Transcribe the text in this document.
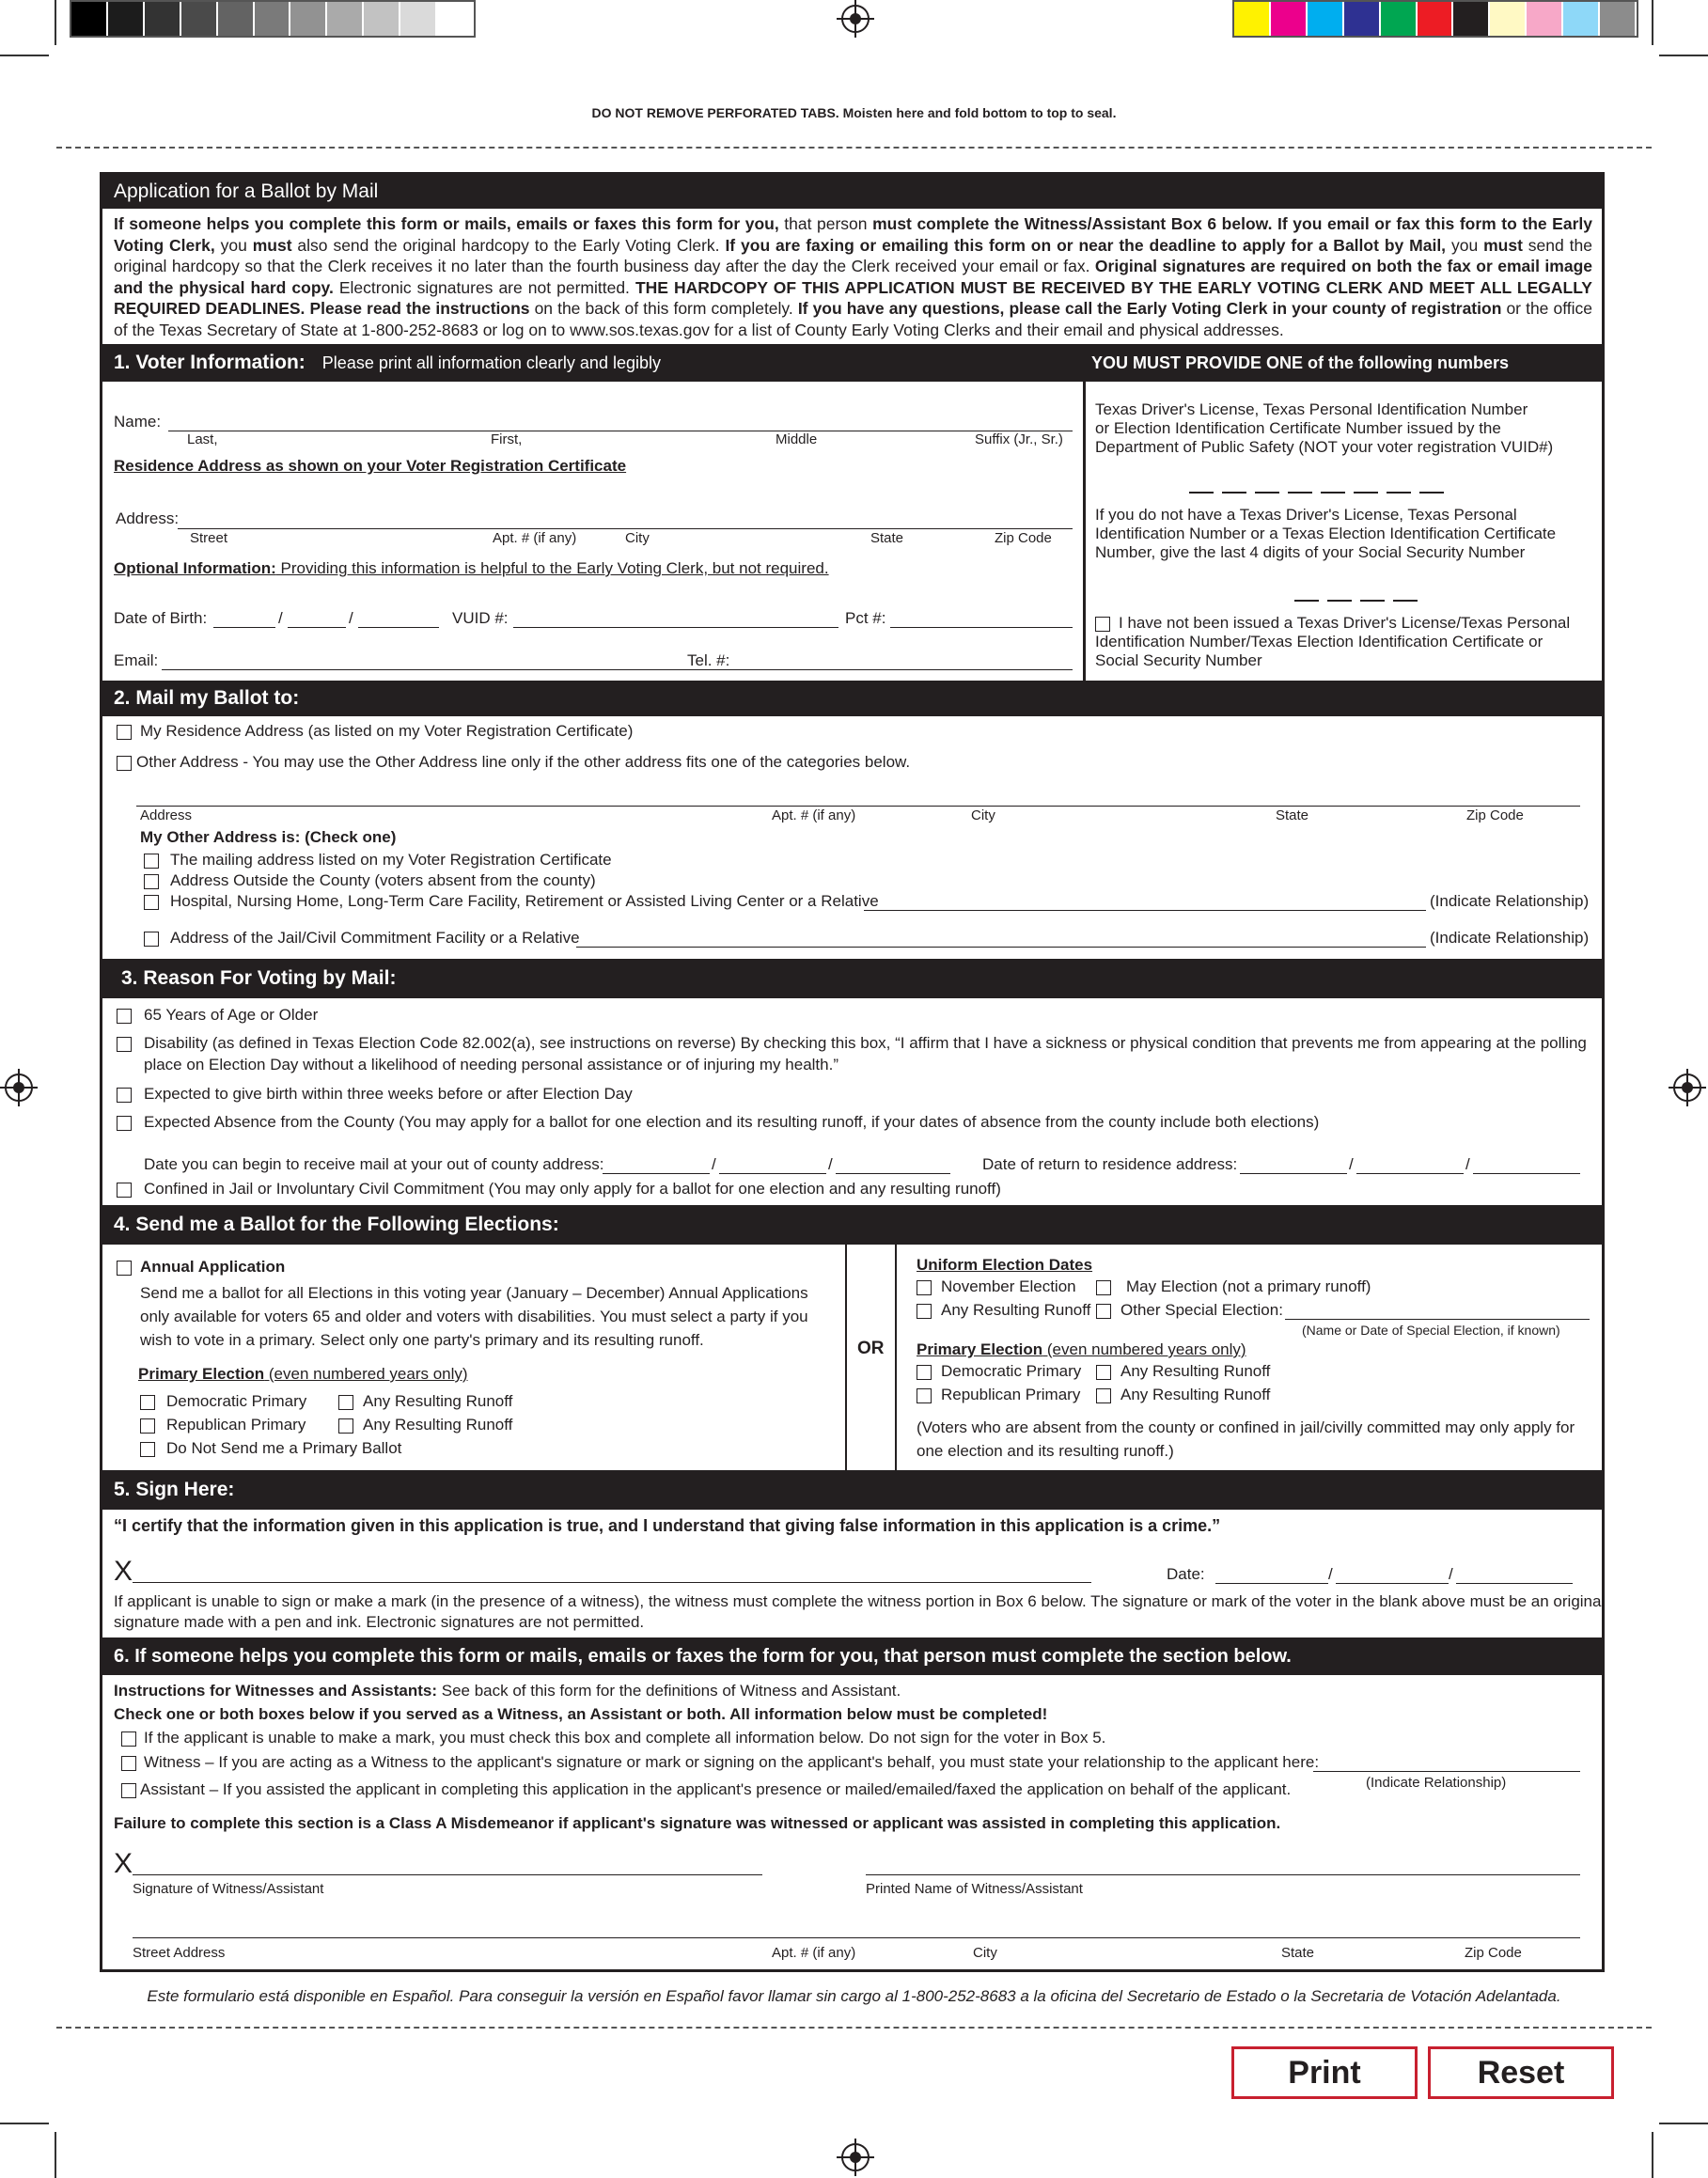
DO NOT REMOVE PERFORATED TABS. Moisten here and fold bottom to top to seal.
Application for a Ballot by Mail
If someone helps you complete this form or mails, emails or faxes this form for you, that person must complete the Witness/Assistant Box 6 below. If you email or fax this form to the Early Voting Clerk, you must also send the original hardcopy to the Early Voting Clerk. If you are faxing or emailing this form on or near the deadline to apply for a Ballot by Mail, you must send the original hardcopy so that the Clerk receives it no later than the fourth business day after the day the Clerk received your email or fax. Original signatures are required on both the fax or email image and the physical hard copy. Electronic signatures are not permitted. THE HARDCOPY OF THIS APPLICATION MUST BE RECEIVED BY THE EARLY VOTING CLERK AND MEET ALL LEGALLY REQUIRED DEADLINES. Please read the instructions on the back of this form completely. If you have any questions, please call the Early Voting Clerk in your county of registration or the office of the Texas Secretary of State at 1-800-252-8683 or log on to www.sos.texas.gov for a list of County Early Voting Clerks and their email and physical addresses.
1. Voter Information: Please print all information clearly and legibly	YOU MUST PROVIDE ONE of the following numbers
Name:
Last,	First,	Middle	Suffix (Jr., Sr.)
Residence Address as shown on your Voter Registration Certificate
Address:
Street	Apt. # (if any)	City	State	Zip Code
Optional Information: Providing this information is helpful to the Early Voting Clerk, but not required.
Date of Birth:	/	/	VUID #:	Pct #:
Email:	Tel. #:
Texas Driver's License, Texas Personal Identification Number
or Election Identification Certificate Number issued by the
Department of Public Safety (NOT your voter registration VUID#)
If you do not have a Texas Driver's License, Texas Personal
Identification Number or a Texas Election Identification Certificate
Number, give the last 4 digits of your Social Security Number
I have not been issued a Texas Driver's License/Texas Personal
Identification Number/Texas Election Identification Certificate or
Social Security Number
2. Mail my Ballot to:
My Residence Address (as listed on my Voter Registration Certificate)
Other Address - You may use the Other Address line only if the other address fits one of the categories below.
Address	Apt. # (if any)	City	State	Zip Code
My Other Address is: (Check one)
The mailing address listed on my Voter Registration Certificate
Address Outside the County (voters absent from the county)
Hospital, Nursing Home, Long-Term Care Facility, Retirement or Assisted Living Center or a Relative	(Indicate Relationship)
Address of the Jail/Civil Commitment Facility or a Relative	(Indicate Relationship)
3. Reason For Voting by Mail:
65 Years of Age or Older
Disability (as defined in Texas Election Code 82.002(a), see instructions on reverse) By checking this box, “I affirm that I have a sickness or physical condition that prevents me from appearing at the polling
place on Election Day without a likelihood of needing personal assistance or of injuring my health.”
Expected to give birth within three weeks before or after Election Day
Expected Absence from the County (You may apply for a ballot for one election and its resulting runoff, if your dates of absence from the county include both elections)
Date you can begin to receive mail at your out of county address:	/	/	Date of return to residence address:	/	/
Confined in Jail or Involuntary Civil Commitment (You may only apply for a ballot for one election and any resulting runoff)
4. Send me a Ballot for the Following Elections:
OR
Annual Application
Send me a ballot for all Elections in this voting year (January – December) Annual Applications
only available for voters 65 and older and voters with disabilities. You must select a party if you
wish to vote in a primary. Select only one party's primary and its resulting runoff.
Primary Election (even numbered years only)
Democratic Primary	Any Resulting Runoff
Republican Primary	Any Resulting Runoff
Do Not Send me a Primary Ballot
Uniform Election Dates
November Election	May Election (not a primary runoff)
Any Resulting Runoff Other Special Election:
(Name or Date of Special Election, if known)
Primary Election (even numbered years only)
Democratic Primary Any Resulting Runoff
Republican Primary	Any Resulting Runoff
(Voters who are absent from the county or confined in jail/civilly committed may only apply for
one election and its resulting runoff.)
5. Sign Here:
“I certify that the information given in this application is true, and I understand that giving false information in this application is a crime.”
X	Date:	/	/
If applicant is unable to sign or make a mark (in the presence of a witness), the witness must complete the witness portion in Box 6 below. The signature or mark of the voter in the blank above must be an original
signature made with a pen and ink. Electronic signatures are not permitted.
6. If someone helps you complete this form or mails, emails or faxes the form for you, that person must complete the section below.
Instructions for Witnesses and Assistants: See back of this form for the definitions of Witness and Assistant.
Check one or both boxes below if you served as a Witness, an Assistant or both. All information below must be completed!
If the applicant is unable to make a mark, you must check this box and complete all information below. Do not sign for the voter in Box 5.
Witness – If you are acting as a Witness to the applicant's signature or mark or signing on the applicant's behalf, you must state your relationship to the applicant here:
Assistant – If you assisted the applicant in completing this application in the applicant's presence or mailed/emailed/faxed the application on behalf of the applicant.	(Indicate Relationship)
Failure to complete this section is a Class A Misdemeanor if applicant's signature was witnessed or applicant was assisted in completing this application.
X
Signature of Witness/Assistant	Printed Name of Witness/Assistant
Street Address	Apt. # (if any)	City	State	Zip Code
Este formulario está disponible en Español. Para conseguir la versión en Español favor llamar sin cargo al 1-800-252-8683 a la oficina del Secretario de Estado o la Secretaria de Votación Adelantada.
Print	Reset
